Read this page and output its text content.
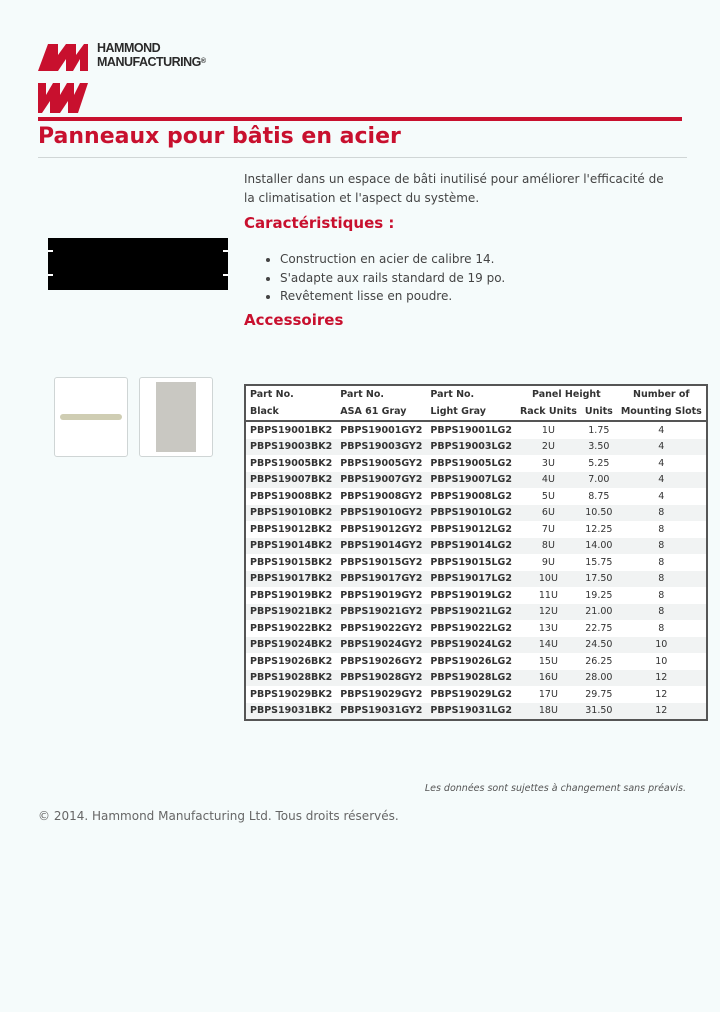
HAMMOND
MANUFACTURING®
Panneaux pour bâtis en acier
Installer dans un espace de bâti inutilisé pour améliorer l'efficacité de la climatisation et l'aspect du système.
Caractéristiques :
• Construction en acier de calibre 14.
• S'adapte aux rails standard de 19 po.
• Revêtement lisse en poudre.
Accessoires
Part No.	Part No.	Part No.	Panel Height		Number of
Black	ASA 61 Gray	Light Gray	Rack Units	Units	Mounting Slots
PBPS19001BK2	PBPS19001GY2	PBPS19001LG2	1U	1.75	4
PBPS19003BK2	PBPS19003GY2	PBPS19003LG2	2U	3.50	4
PBPS19005BK2	PBPS19005GY2	PBPS19005LG2	3U	5.25	4
PBPS19007BK2	PBPS19007GY2	PBPS19007LG2	4U	7.00	4
PBPS19008BK2	PBPS19008GY2	PBPS19008LG2	5U	8.75	4
PBPS19010BK2	PBPS19010GY2	PBPS19010LG2	6U	10.50	8
PBPS19012BK2	PBPS19012GY2	PBPS19012LG2	7U	12.25	8
PBPS19014BK2	PBPS19014GY2	PBPS19014LG2	8U	14.00	8
PBPS19015BK2	PBPS19015GY2	PBPS19015LG2	9U	15.75	8
PBPS19017BK2	PBPS19017GY2	PBPS19017LG2	10U	17.50	8
PBPS19019BK2	PBPS19019GY2	PBPS19019LG2	11U	19.25	8
PBPS19021BK2	PBPS19021GY2	PBPS19021LG2	12U	21.00	8
PBPS19022BK2	PBPS19022GY2	PBPS19022LG2	13U	22.75	8
PBPS19024BK2	PBPS19024GY2	PBPS19024LG2	14U	24.50	10
PBPS19026BK2	PBPS19026GY2	PBPS19026LG2	15U	26.25	10
PBPS19028BK2	PBPS19028GY2	PBPS19028LG2	16U	28.00	12
PBPS19029BK2	PBPS19029GY2	PBPS19029LG2	17U	29.75	12
PBPS19031BK2	PBPS19031GY2	PBPS19031LG2	18U	31.50	12
Les données sont sujettes à changement sans préavis.
© 2014. Hammond Manufacturing Ltd. Tous droits réservés.
